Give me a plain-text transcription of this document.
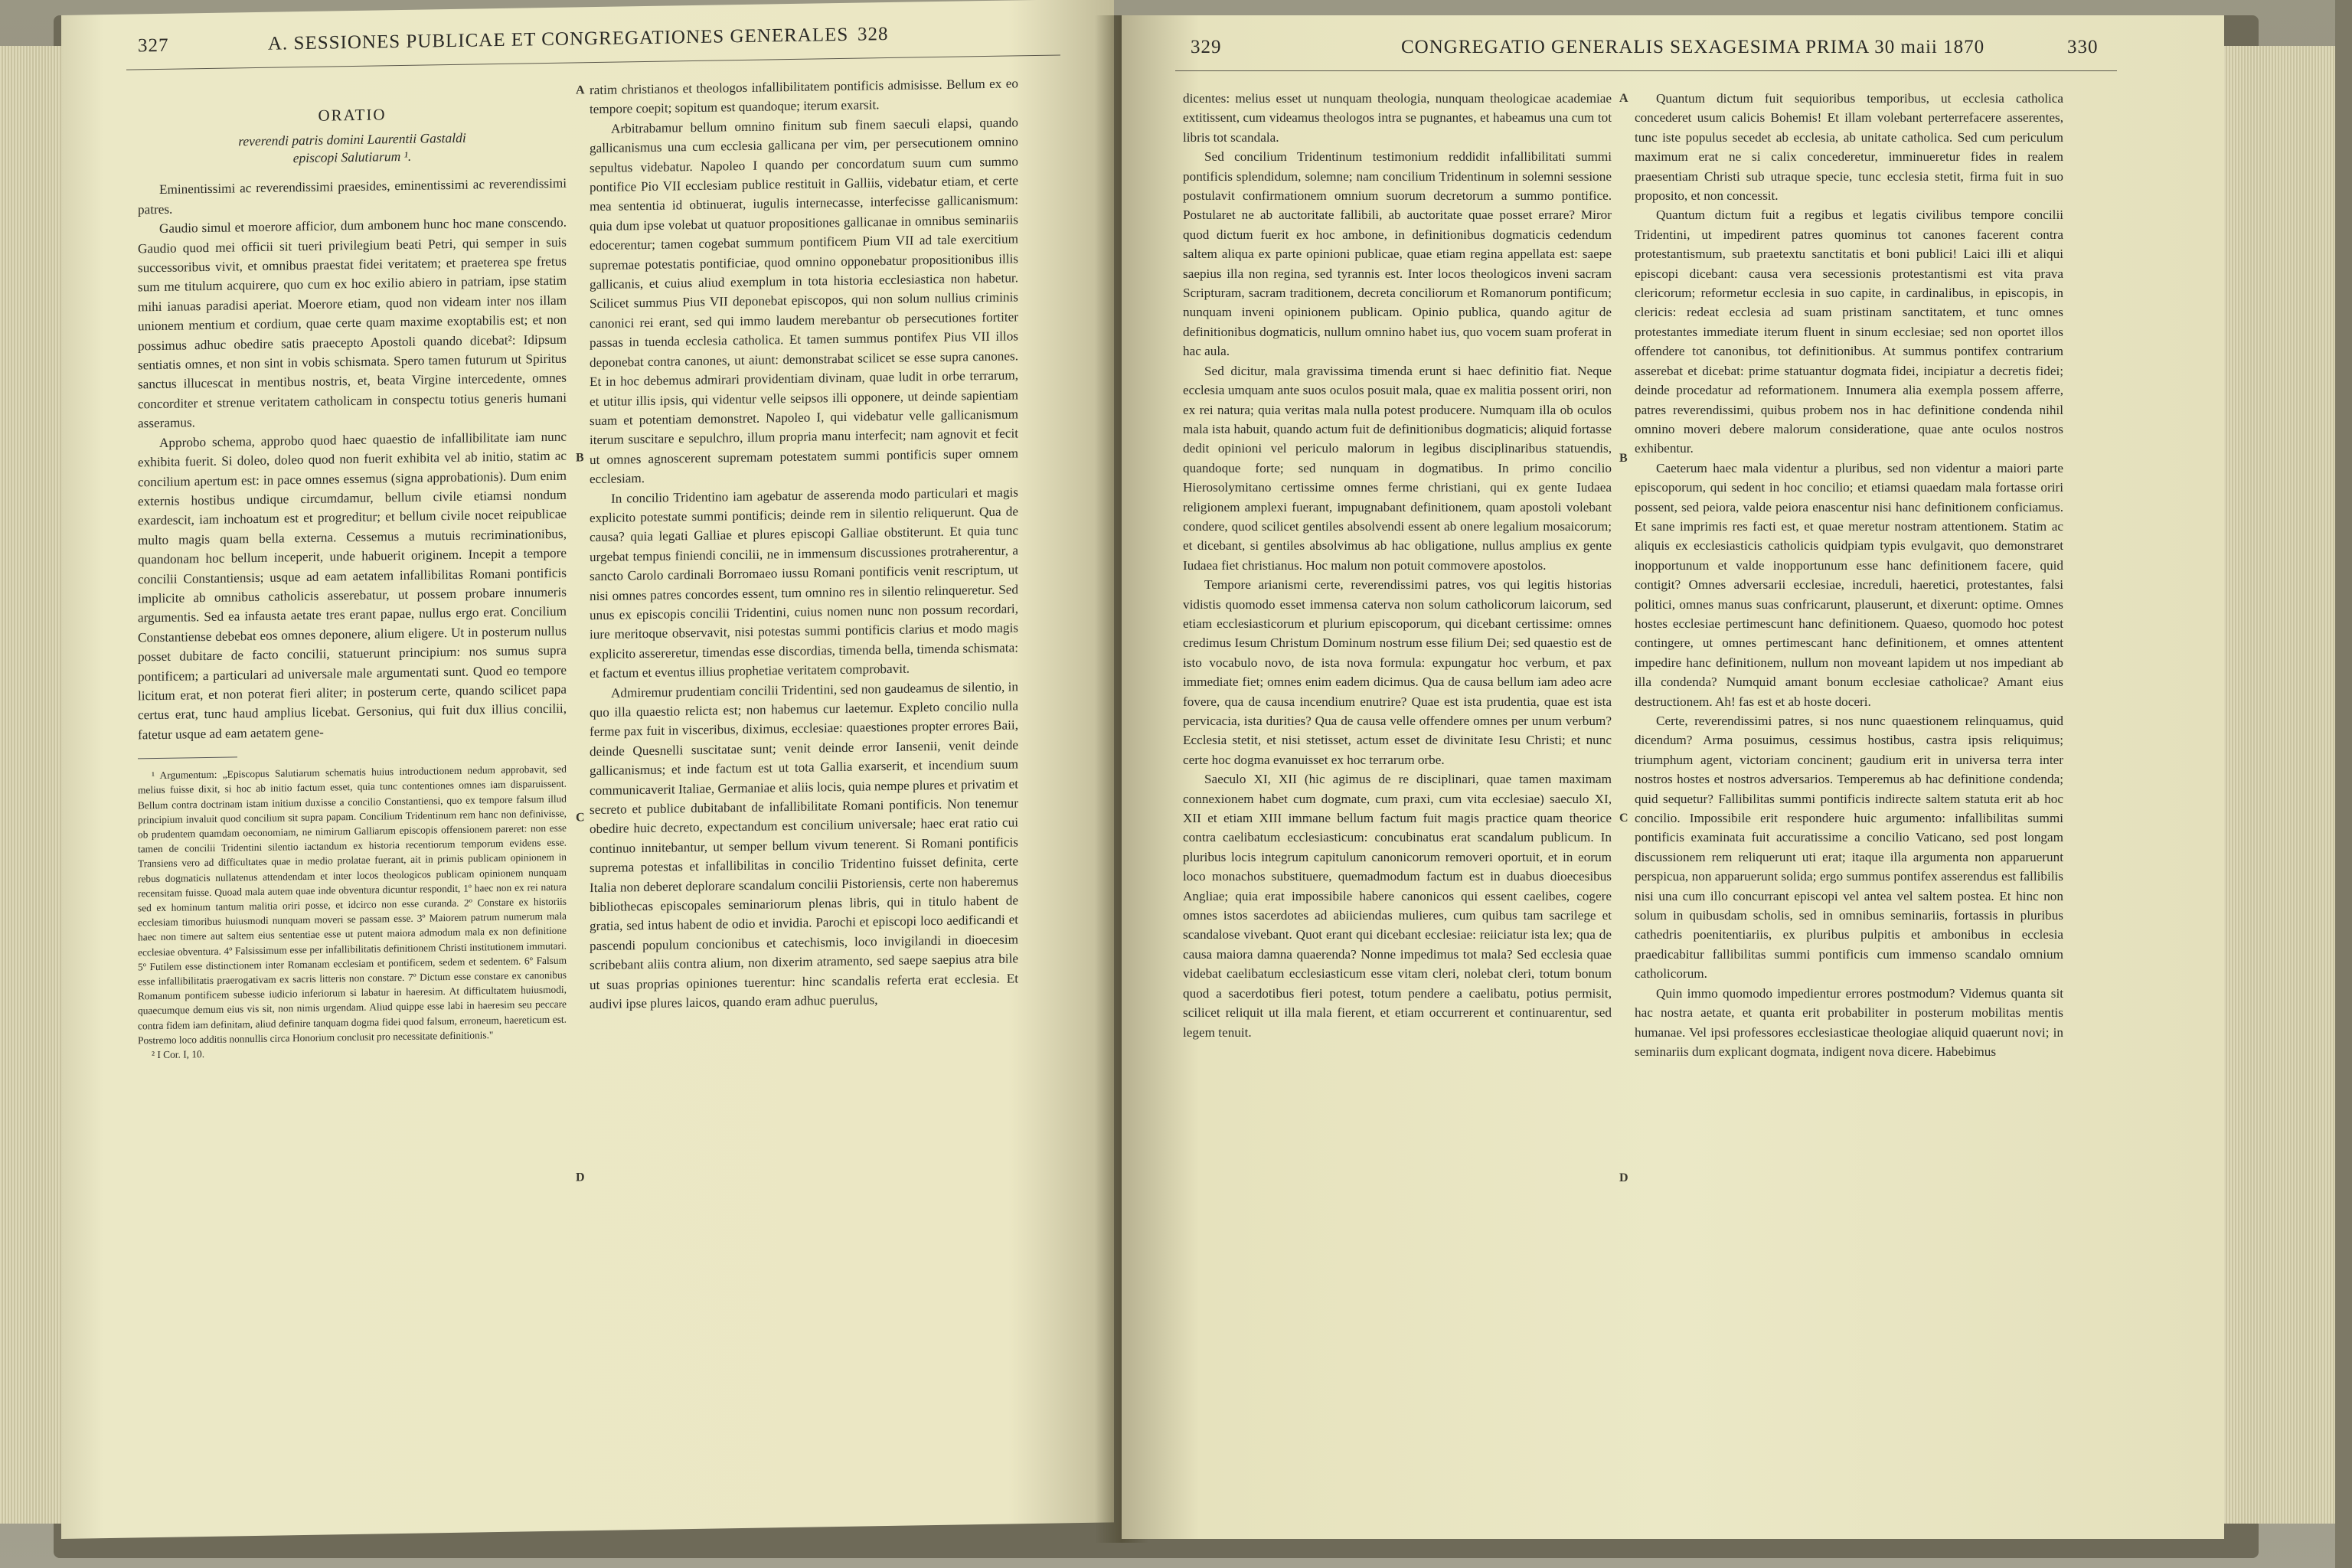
327	A. SESSIONES PUBLICAE ET CONGREGATIONES GENERALES 328
ORATIO
reverendi patris domini Laurentii Gastaldi
episcopi Salutiarum ¹.

Eminentissimi ac reverendissimi praesides, eminentissimi ac reverendissimi patres.

Gaudio simul et moerore afficior, dum ambonem hunc hoc mane conscendo. Gaudio quod mei officii sit tueri privilegium beati Petri, qui semper in suis successoribus vivit, et omnibus praestat fidei veritatem; et praeterea spe fretus sum me titulum acquirere, quo cum ex hoc exilio abiero in patriam, ipse statim mihi ianuas paradisi aperiat. Moerore etiam, quod non videam inter nos illam unionem mentium et cordium, quae certe quam maxime exoptabilis est; et non possimus adhuc obedire satis praecepto Apostoli quando dicebat²: Idipsum sentiatis omnes, et non sint in vobis schismata. Spero tamen futurum ut Spiritus sanctus illucescat in mentibus nostris, et, beata Virgine intercedente, omnes concorditer et strenue veritatem catholicam in conspectu totius generis humani asseramus.

Approbo schema, approbo quod haec quaestio de infallibilitate iam nunc exhibita fuerit. Si doleo, doleo quod non fuerit exhibita vel ab initio, statim ac concilium apertum est: in pace omnes essemus (signa approbationis). Dum enim externis hostibus undique circumdamur, bellum civile etiamsi nondum exardescit, iam inchoatum est et progreditur; et bellum civile nocet reipublicae multo magis quam bella externa. Cessemus a mutuis recriminationibus, quandonam hoc bellum inceperit, unde habuerit originem. Incepit a tempore concilii Constantiensis; usque ad eam aetatem infallibilitas Romani pontificis implicite ab omnibus catholicis asserebatur, ut possem probare innumeris argumentis. Sed ea infausta aetate tres erant papae, nullus ergo erat. Concilium Constantiense debebat eos omnes deponere, alium eligere. Ut in posterum nullus posset dubitare de facto concilii, statuerunt principium: nos sumus supra pontificem; a particulari ad universale male argumentati sunt. Quod eo tempore licitum erat, et non poterat fieri aliter; in posterum certe, quando scilicet papa certus erat, tunc haud amplius licebat. Gersonius, qui fuit dux illius concilii, fatetur usque ad eam aetatem gene-

¹ Argumentum: „Episcopus Salutiarum schematis huius introductionem nedum approbavit, sed melius fuisse dixit, si hoc ab initio factum esset, quia tunc contentiones omnes iam disparuissent. Bellum contra doctrinam istam initium duxisse a concilio Constantiensi, quo ex tempore falsum illud principium invaluit quod concilium sit supra papam. Concilium Tridentinum rem hanc non definivisse, ob prudentem quamdam oeconomiam, ne nimirum Galliarum episcopis offensionem pareret: non esse tamen de concilii Tridentini silentio iactandum ex historia recentiorum temporum evidens esse. Transiens vero ad difficultates quae in medio prolatae fuerant, ait in primis publicam opinionem in rebus dogmaticis nullatenus attendendam et inter locos theologicos publicam opinionem nunquam recensitam fuisse. Quoad mala autem quae inde obventura dicuntur respondit, 1º haec non ex rei natura sed ex hominum tantum malitia oriri posse, et idcirco non esse curanda. 2º Constare ex historiis ecclesiam timoribus huiusmodi nunquam moveri se passam esse. 3º Maiorem patrum numerum mala haec non timere aut saltem eius sententiae esse ut putent maiora admodum mala ex non definitione ecclesiae obventura. 4º Falsissimum esse per infallibilitatis definitionem Christi institutionem immutari. 5º Futilem esse distinctionem inter Romanam ecclesiam et pontificem, sedem et sedentem. 6º Falsum esse infallibilitatis praerogativam ex sacris litteris non constare. 7º Dictum esse constare ex canonibus Romanum pontificem subesse iudicio inferiorum si labatur in haeresim. At difficultatem huiusmodi, quaecumque demum eius vis sit, non nimis urgendam. Aliud quippe esse labi in haeresim seu peccare contra fidem iam definitam, aliud definire tanquam dogma fidei quod falsum, erroneum, haereticum est. Postremo loco additis nonnullis circa Honorium conclusit pro necessitate definitionis."

² I Cor. I, 10.

A
B
C
D

ratim christianos et theologos infallibilitatem pontificis admisisse. Bellum ex eo tempore coepit; sopitum est quandoque; iterum exarsit.

Arbitrabamur bellum omnino finitum sub finem saeculi elapsi, quando gallicanismus una cum ecclesia gallicana per vim, per persecutionem omnino sepultus videbatur. Napoleo I quando per concordatum suum cum summo pontifice Pio VII ecclesiam publice restituit in Galliis, videbatur etiam, et certe mea sententia id obtinuerat, iugulis internecasse, interfecisse gallicanismum: quia dum ipse volebat ut quatuor propositiones gallicanae in omnibus seminariis edocerentur; tamen cogebat summum pontificem Pium VII ad tale exercitium supremae potestatis pontificiae, quod omnino opponebatur propositionibus illis gallicanis, et cuius aliud exemplum in tota historia ecclesiastica non habetur. Scilicet summus Pius VII deponebat episcopos, qui non solum nullius criminis canonici rei erant, sed qui immo laudem merebantur ob persecutiones fortiter passas in tuenda ecclesia catholica. Et tamen summus pontifex Pius VII illos deponebat contra canones, ut aiunt: demonstrabat scilicet se esse supra canones. Et in hoc debemus admirari providentiam divinam, quae ludit in orbe terrarum, et utitur illis ipsis, qui videntur velle seipsos illi opponere, ut deinde sapientiam suam et potentiam demonstret. Napoleo I, qui videbatur velle gallicanismum iterum suscitare e sepulchro, illum propria manu interfecit; nam agnovit et fecit ut omnes agnoscerent supremam potestatem summi pontificis super omnem ecclesiam.

In concilio Tridentino iam agebatur de asserenda modo particulari et magis explicito potestate summi pontificis; deinde rem in silentio reliquerunt. Qua de causa? quia legati Galliae et plures episcopi Galliae obstiterunt. Et quia tunc urgebat tempus finiendi concilii, ne in immensum discussiones protraherentur, a sancto Carolo cardinali Borromaeo iussu Romani pontificis venit rescriptum, ut nisi omnes patres concordes essent, tum omnino res in silentio relinqueretur. Sed unus ex episcopis concilii Tridentini, cuius nomen nunc non possum recordari, iure meritoque observavit, nisi potestas summi pontificis clarius et modo magis explicito assereretur, timendas esse discordias, timenda bella, timenda schismata: et factum et eventus illius prophetiae veritatem comprobavit.

Admiremur prudentiam concilii Tridentini, sed non gaudeamus de silentio, in quo illa quaestio relicta est; non habemus cur laetemur. Expleto concilio nulla ferme pax fuit in visceribus, diximus, ecclesiae: quaestiones propter errores Baii, deinde Quesnelli suscitatae sunt; venit deinde error Iansenii, venit deinde gallicanismus; et inde factum est ut tota Gallia exarserit, et incendium suum communicaverit Italiae, Germaniae et aliis locis, quia nempe plures et privatim et secreto et publice dubitabant de infallibilitate Romani pontificis. Non tenemur obedire huic decreto, expectandum est concilium universale; haec erat ratio cui continuo innitebantur, ut semper bellum vivum tenerent. Si Romani pontificis suprema potestas et infallibilitas in concilio Tridentino fuisset definita, certe Italia non deberet deplorare scandalum concilii Pistoriensis, certe non haberemus bibliothecas episcopales seminariorum plenas libris, qui in titulo habent de gratia, sed intus habent de odio et invidia. Parochi et episcopi loco aedificandi et pascendi populum concionibus et catechismis, loco invigilandi in dioecesim scribebant aliis contra alium, non dixerim atramento, sed saepe saepius atra bile ut suas proprias opiniones tuerentur: hinc scandalis referta erat ecclesia. Et audivi ipse plures laicos, quando eram adhuc puerulus,

329	CONGREGATIO GENERALIS SEXAGESIMA PRIMA 30 maii 1870	330

dicentes: melius esset ut nunquam theologia, nunquam theologicae academiae extitissent, cum videamus theologos intra se pugnantes, et habeamus una cum tot libris tot scandala.

Sed concilium Tridentinum testimonium reddidit infallibilitati summi pontificis splendidum, solemne; nam concilium Tridentinum in solemni sessione postulavit confirmationem omnium suorum decretorum a summo pontifice. Postularet ne ab auctoritate fallibili, ab auctoritate quae posset errare? Miror quod dictum fuerit ex hoc ambone, in definitionibus dogmaticis cedendum saltem aliqua ex parte opinioni publicae, quae etiam regina appellata est: saepe saepius illa non regina, sed tyrannis est. Inter locos theologicos inveni sacram Scripturam, sacram traditionem, decreta conciliorum et Romanorum pontificum; nunquam inveni opinionem publicam. Opinio publica, quando agitur de definitionibus dogmaticis, nullum omnino habet ius, quo vocem suam proferat in hac aula.

Sed dicitur, mala gravissima timenda erunt si haec definitio fiat. Neque ecclesia umquam ante suos oculos posuit mala, quae ex malitia possent oriri, non ex rei natura; quia veritas mala nulla potest producere. Numquam illa ob oculos mala ista habuit, quando actum fuit de definitionibus dogmaticis; aliquid fortasse dedit opinioni vel periculo malorum in legibus disciplinaribus statuendis, quandoque forte; sed nunquam in dogmatibus. In primo concilio Hierosolymitano certissime omnes ferme christiani, qui ex gente Iudaea religionem amplexi fuerant, impugnabant definitionem, quam apostoli volebant condere, quod scilicet gentiles absolvendi essent ab onere legalium mosaicorum; et dicebant, si gentiles absolvimus ab hac obligatione, nullus amplius ex gente Iudaea fiet christianus. Hoc malum non potuit commovere apostolos.

Tempore arianismi certe, reverendissimi patres, vos qui legitis historias vidistis quomodo esset immensa caterva non solum catholicorum laicorum, sed etiam ecclesiasticorum et plurium episcoporum, qui dicebant certissime: omnes credimus Iesum Christum Dominum nostrum esse filium Dei; sed quaestio est de isto vocabulo novo, de ista nova formula: expungatur hoc verbum, et pax immediate fiet; omnes enim eadem dicimus. Qua de causa bellum iam adeo acre fovere, qua de causa incendium enutrire? Quae est ista prudentia, quae est ista pervicacia, ista durities? Qua de causa velle offendere omnes per unum verbum? Ecclesia stetit, et nisi stetisset, actum esset de divinitate Iesu Christi; et nunc certe hoc dogma evanuisset ex hoc terrarum orbe.

Saeculo XI, XII (hic agimus de re disciplinari, quae tamen maximam connexionem habet cum dogmate, cum praxi, cum vita ecclesiae) saeculo XI, XII et etiam XIII immane bellum factum fuit magis practice quam theorice contra caelibatum ecclesiasticum: concubinatus erat scandalum publicum. In pluribus locis integrum capitulum canonicorum removeri oportuit, et in eorum loco monachos substituere, quemadmodum factum est in duabus dioecesibus Angliae; quia erat impossibile habere canonicos qui essent caelibes, cogere omnes istos sacerdotes ad abiiciendas mulieres, cum quibus tam sacrilege et scandalose vivebant. Quot erant qui dicebant ecclesiae: reiiciatur ista lex; qua de causa maiora damna quaerenda? Nonne impedimus tot mala? Sed ecclesia quae videbat caelibatum ecclesiasticum esse vitam cleri, nolebat cleri, totum bonum quod a sacerdotibus fieri potest, totum pendere a caelibatu, potius permisit, scilicet reliquit ut illa mala fierent, et etiam occurrerent et continuarentur, sed legem tenuit.

A
B
C
D

Quantum dictum fuit sequioribus temporibus, ut ecclesia catholica concederet usum calicis Bohemis! Et illam volebant perterrefacere asserentes, tunc iste populus secedet ab ecclesia, ab unitate catholica. Sed cum periculum maximum erat ne si calix concederetur, imminueretur fides in realem praesentiam Christi sub utraque specie, tunc ecclesia stetit, firma fuit in suo proposito, et non concessit.

Quantum dictum fuit a regibus et legatis civilibus tempore concilii Tridentini, ut impedirent patres quominus tot canones facerent contra protestantismum, sub praetextu sanctitatis et boni publici! Laici illi et aliqui episcopi dicebant: causa vera secessionis protestantismi est vita prava clericorum; reformetur ecclesia in suo capite, in cardinalibus, in episcopis, in clericis: redeat ecclesia ad suam pristinam sanctitatem, et tunc omnes protestantes immediate iterum fluent in sinum ecclesiae; sed non oportet illos offendere tot canonibus, tot definitionibus. At summus pontifex contrarium asserebat et dicebat: prime statuantur dogmata fidei, incipiatur a decretis fidei; deinde procedatur ad reformationem. Innumera alia exempla possem afferre, patres reverendissimi, quibus probem nos in hac definitione condenda nihil omnino moveri debere malorum consideratione, quae ante oculos nostros exhibentur.

Caeterum haec mala videntur a pluribus, sed non videntur a maiori parte episcoporum, qui sedent in hoc concilio; et etiamsi quaedam mala fortasse oriri possent, sed peiora, valde peiora enascentur nisi hanc definitionem conficiamus. Et sane imprimis res facti est, et quae meretur nostram attentionem. Statim ac aliquis ex ecclesiasticis catholicis quidpiam typis evulgavit, quo demonstraret inopportunum et valde inopportunum esse hanc definitionem facere, quid contigit? Omnes adversarii ecclesiae, increduli, haeretici, protestantes, falsi politici, omnes manus suas confricarunt, plauserunt, et dixerunt: optime. Omnes hostes ecclesiae pertimescunt hanc definitionem. Quaeso, quomodo hoc potest contingere, ut omnes pertimescant hanc definitionem, et omnes attentent impedire hanc definitionem, nullum non moveant lapidem ut nos impediant ab illa condenda? Numquid amant bonum ecclesiae catholicae? Amant eius destructionem. Ah! fas est et ab hoste doceri.

Certe, reverendissimi patres, si nos nunc quaestionem relinquamus, quid dicendum? Arma posuimus, cessimus hostibus, castra ipsis reliquimus; triumphum agent, victoriam concinent; gaudium erit in universa terra inter nostros hostes et nostros adversarios. Temperemus ab hac definitione condenda; quid sequetur? Fallibilitas summi pontificis indirecte saltem statuta erit ab hoc concilio. Impossibile erit respondere huic argumento: infallibilitas summi pontificis examinata fuit accuratissime a concilio Vaticano, sed post longam discussionem rem reliquerunt uti erat; itaque illa argumenta non apparuerunt perspicua, non apparuerunt solida; ergo summus pontifex asserendus est fallibilis nisi una cum illo concurrant episcopi vel antea vel saltem postea. Et hinc non solum in quibusdam scholis, sed in omnibus seminariis, fortassis in pluribus cathedris poenitentiariis, ex pluribus pulpitis et ambonibus in ecclesia praedicabitur fallibilitas summi pontificis cum immenso scandalo omnium catholicorum.

Quin immo quomodo impedientur errores postmodum? Videmus quanta sit hac nostra aetate, et quanta erit probabiliter in posterum mobilitas mentis humanae. Vel ipsi professores ecclesiasticae theologiae aliquid quaerunt novi; in seminariis dum explicant dogmata, indigent nova dicere. Habebimus
